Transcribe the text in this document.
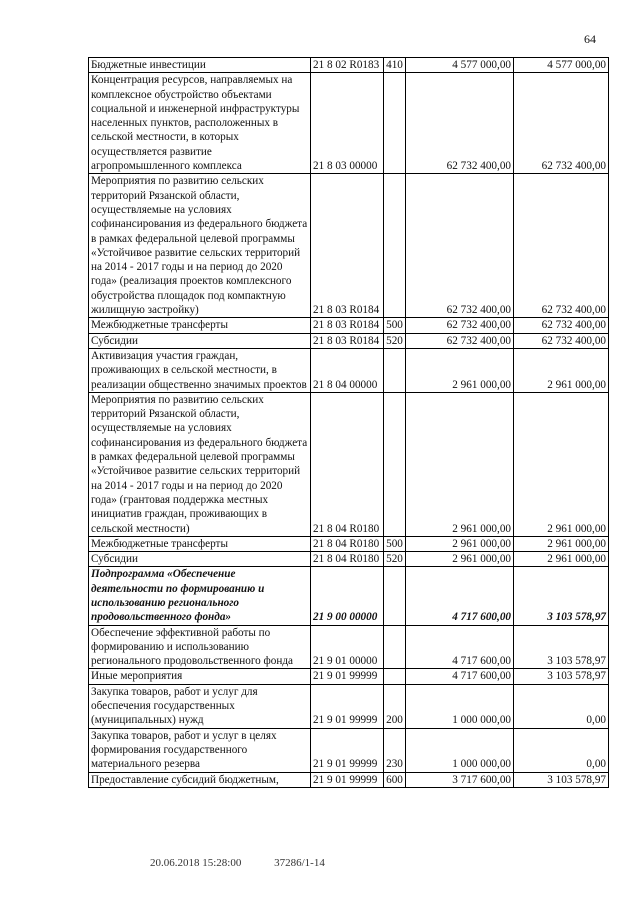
64
Бюджетные инвестиции	21 8 02 R0183	410	4 577 000,00	4 577 000,00
Концентрация ресурсов, направляемых на комплексное обустройство объектами социальной и инженерной инфраструктуры населенных пунктов, расположенных в сельской местности, в которых осуществляется развитие агропромышленного комплекса	21 8 03 00000		62 732 400,00	62 732 400,00
Мероприятия по развитию сельских территорий Рязанской области, осуществляемые на условиях софинансирования из федерального бюджета в рамках федеральной целевой программы «Устойчивое развитие сельских территорий на 2014 - 2017 годы и на период до 2020 года» (реализация проектов комплексного обустройства площадок под компактную жилищную застройку)	21 8 03 R0184		62 732 400,00	62 732 400,00
Межбюджетные трансферты	21 8 03 R0184	500	62 732 400,00	62 732 400,00
Субсидии	21 8 03 R0184	520	62 732 400,00	62 732 400,00
Активизация участия граждан, проживающих в сельской местности, в реализации общественно значимых проектов	21 8 04 00000		2 961 000,00	2 961 000,00
Мероприятия по развитию сельских территорий Рязанской области, осуществляемые на условиях софинансирования из федерального бюджета в рамках федеральной целевой программы «Устойчивое развитие сельских территорий на 2014 - 2017 годы и на период до 2020 года» (грантовая поддержка местных инициатив граждан, проживающих в сельской местности)	21 8 04 R0180		2 961 000,00	2 961 000,00
Межбюджетные трансферты	21 8 04 R0180	500	2 961 000,00	2 961 000,00
Субсидии	21 8 04 R0180	520	2 961 000,00	2 961 000,00
Подпрограмма «Обеспечение деятельности по формированию и использованию регионального продовольственного фонда»	21 9 00 00000		4 717 600,00	3 103 578,97
Обеспечение эффективной работы по формированию и использованию регионального продовольственного фонда	21 9 01 00000		4 717 600,00	3 103 578,97
Иные мероприятия	21 9 01 99999		4 717 600,00	3 103 578,97
Закупка товаров, работ и услуг для обеспечения государственных (муниципальных) нужд	21 9 01 99999	200	1 000 000,00	0,00
Закупка товаров, работ и услуг в целях формирования государственного материального резерва	21 9 01 99999	230	1 000 000,00	0,00
Предоставление субсидий бюджетным,	21 9 01 99999	600	3 717 600,00	3 103 578,97
20.06.2018 15:28:00	37286/1-14
